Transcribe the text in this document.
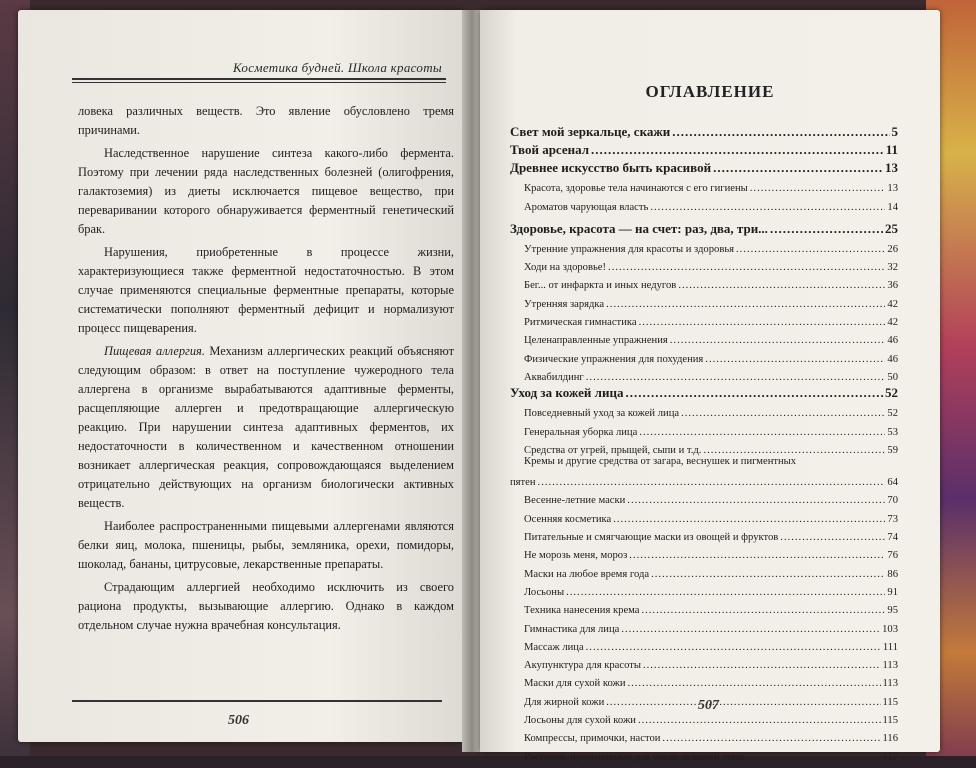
Косметика будней. Школа красоты

ловека различных веществ. Это явление обусловлено тремя причинами.

Наследственное нарушение синтеза какого-либо фермента. Поэтому при лечении ряда наследственных болезней (олигофрения, галактоземия) из диеты исключается пищевое вещество, при переваривании которого обнаруживается ферментный генетический брак.

Нарушения, приобретенные в процессе жизни, характеризующиеся также ферментной недостаточностью. В этом случае применяются специальные ферментные препараты, которые систематически пополняют ферментный дефицит и нормализуют процесс пищеварения.

Пищевая аллергия. Механизм аллергических реакций объясняют следующим образом: в ответ на поступление чужеродного тела аллергена в организме вырабатываются адаптивные ферменты, расщепляющие аллерген и предотвращающие аллергическую реакцию. При нарушении синтеза адаптивных ферментов, их недостаточности в количественном и качественном отношении возникает аллергическая реакция, сопровождающаяся выделением отрицательно действующих на организм биологически активных веществ.

Наиболее распространенными пищевыми аллергенами являются белки яиц, молока, пшеницы, рыбы, земляника, орехи, помидоры, шоколад, бананы, цитрусовые, лекарственные препараты.

Страдающим аллергией необходимо исключить из своего рациона продукты, вызывающие аллергию. Однако в каждом отдельном случае нужна врачебная консультация.

506
ОГЛАВЛЕНИЕ
Свет мой зеркальце, скажи .....	5
Твой арсенал .....	11
Древнее искусство быть красивой .....	13
Красота, здоровье тела начинаются с его гигиены .....	13
Ароматов чарующая власть .....	14
Здоровье, красота — на счет: раз, два, три... .....	25
Утренние упражнения для красоты и здоровья .....	26
Ходи на здоровье! .....	32
Бег... от инфаркта и иных недугов .....	36
Утренняя зарядка .....	42
Ритмическая гимнастика .....	42
Целенаправленные упражнения .....	46
Физические упражнения для похудения .....	46
Аквабилдинг .....	50
Уход за кожей лица .....	52
Повседневный уход за кожей лица .....	52
Генеральная уборка лица .....	53
Средства от угрей, прыщей, сыпи и т.д. .....	59
Кремы и другие средства от загара, веснушек и пигментных
пятен .....	64
Весенне-летние маски .....	70
Осенняя косметика .....	73
Питательные и смягчающие маски из овощей и фруктов .....	74
Не морозь меня, мороз .....	76
Маски на любое время года .....	86
Лосьоны .....	91
Техника нанесения крема .....	95
Гимнастика для лица .....	103
Массаж лица .....	111
Акупунктура для красоты .....	113
Маски для сухой кожи .....	113
Для жирной кожи .....	115
Лосьоны для сухой кожи .....	115
Компрессы, примочки, настои .....	116
Растения, применяемые для ухода за кожей лица .....	117
507
